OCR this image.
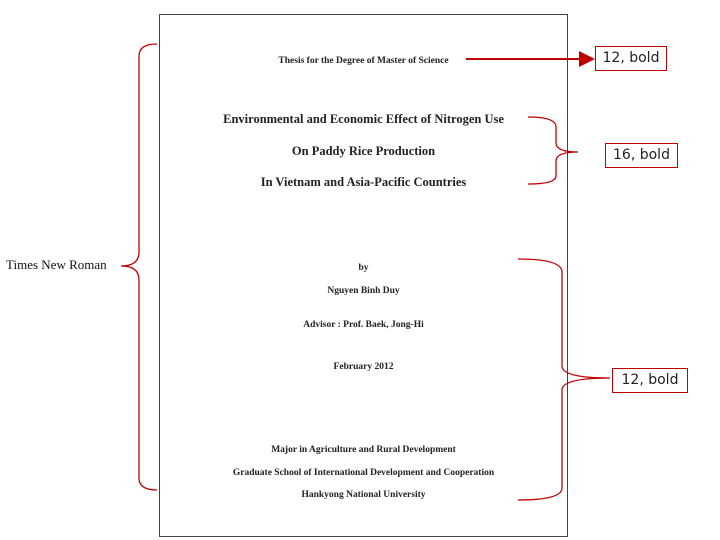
Thesis for the Degree of Master of Science
Environmental and Economic Effect of Nitrogen Use
On Paddy Rice Production
In Vietnam and Asia-Pacific Countries
by
Nguyen Binh Duy
Advisor : Prof. Baek, Jong-Hi
February 2012
Major in Agriculture and Rural Development
Graduate School of International Development and Cooperation
Hankyong National University
Times New Roman
12, bold
16, bold
12, bold
